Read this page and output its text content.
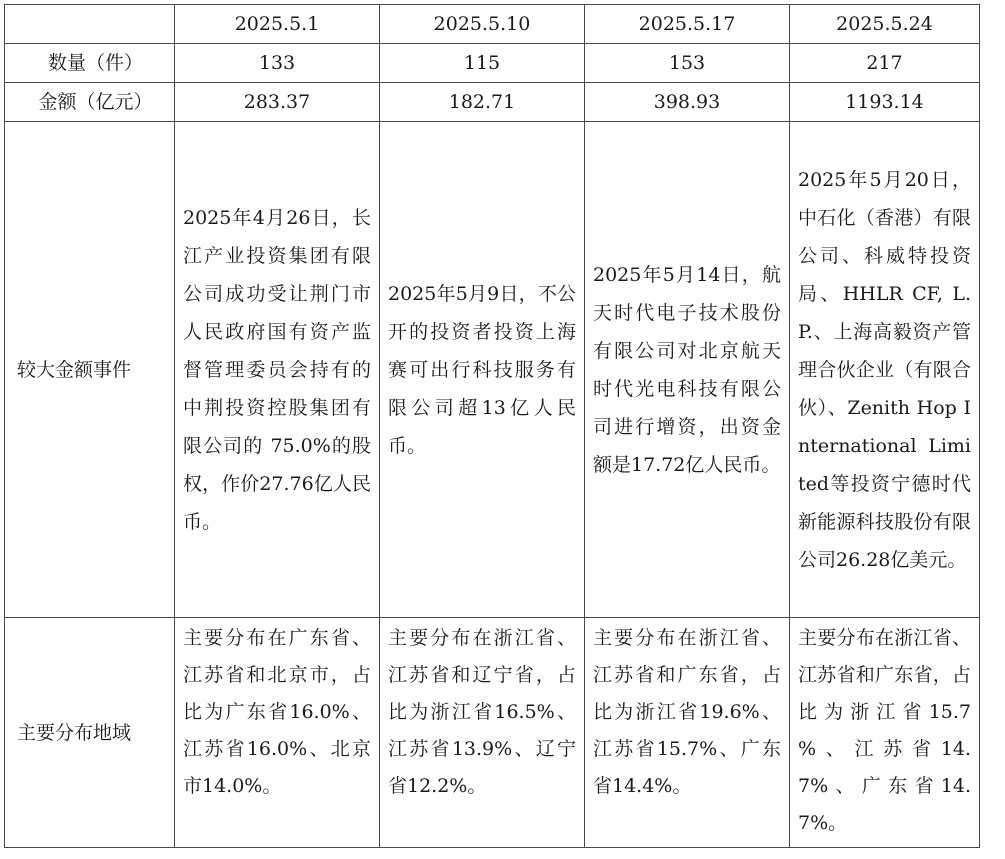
	2025.5.1	2025.5.10	2025.5.17	2025.5.24
数量（件）	133	115	153	217
金额（亿元）	283.37	182.71	398.93	1193.14
较大金额事件	2025年4月26日，长江产业投资集团有限公司成功受让荆门市人民政府国有资产监督管理委员会持有的中荆投资控股集团有限公司的 75.0%的股权，作价27.76亿人民币。	2025年5月9日，不公开的投资者投资上海赛可出行科技服务有限公司超13亿人民币。	2025年5月14日，航天时代电子技术股份有限公司对北京航天时代光电科技有限公司进行增资，出资金额是17.72亿人民币。	2025年5月20日，中石化（香港）有限公司、科威特投资局、HHLR CF, L.P.、上海高毅资产管理合伙企业（有限合伙）、Zenith Hop International Limited等投资宁德时代新能源科技股份有限公司26.28亿美元。
主要分布地域	主要分布在广东省、江苏省和北京市，占比为广东省16.0%、江苏省16.0%、北京市14.0%。	主要分布在浙江省、江苏省和辽宁省，占比为浙江省16.5%、江苏省13.9%、辽宁省12.2%。	主要分布在浙江省、江苏省和广东省，占比为浙江省19.6%、江苏省15.7%、广东省14.4%。	主要分布在浙江省、江苏省和广东省，占比为浙江省15.7 %、江苏省14.7%、广东省14.7%。
